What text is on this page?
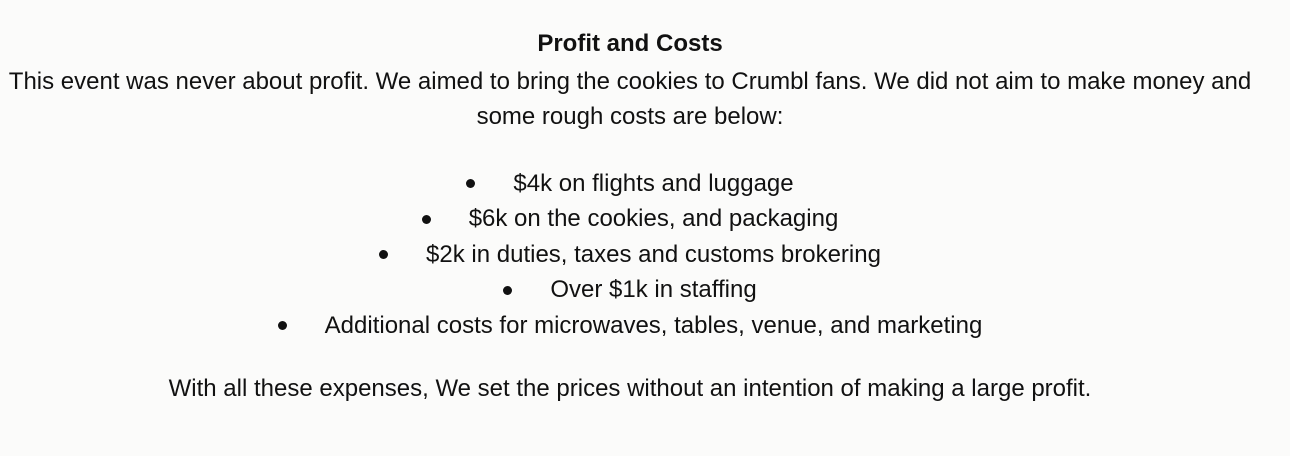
Profit and Costs
This event was never about profit. We aimed to bring the cookies to Crumbl fans. We did not aim to make money and some rough costs are below:
$4k on flights and luggage
$6k on the cookies, and packaging
$2k in duties, taxes and customs brokering
Over $1k in staffing
Additional costs for microwaves, tables, venue, and marketing
With all these expenses, We set the prices without an intention of making a large profit.
